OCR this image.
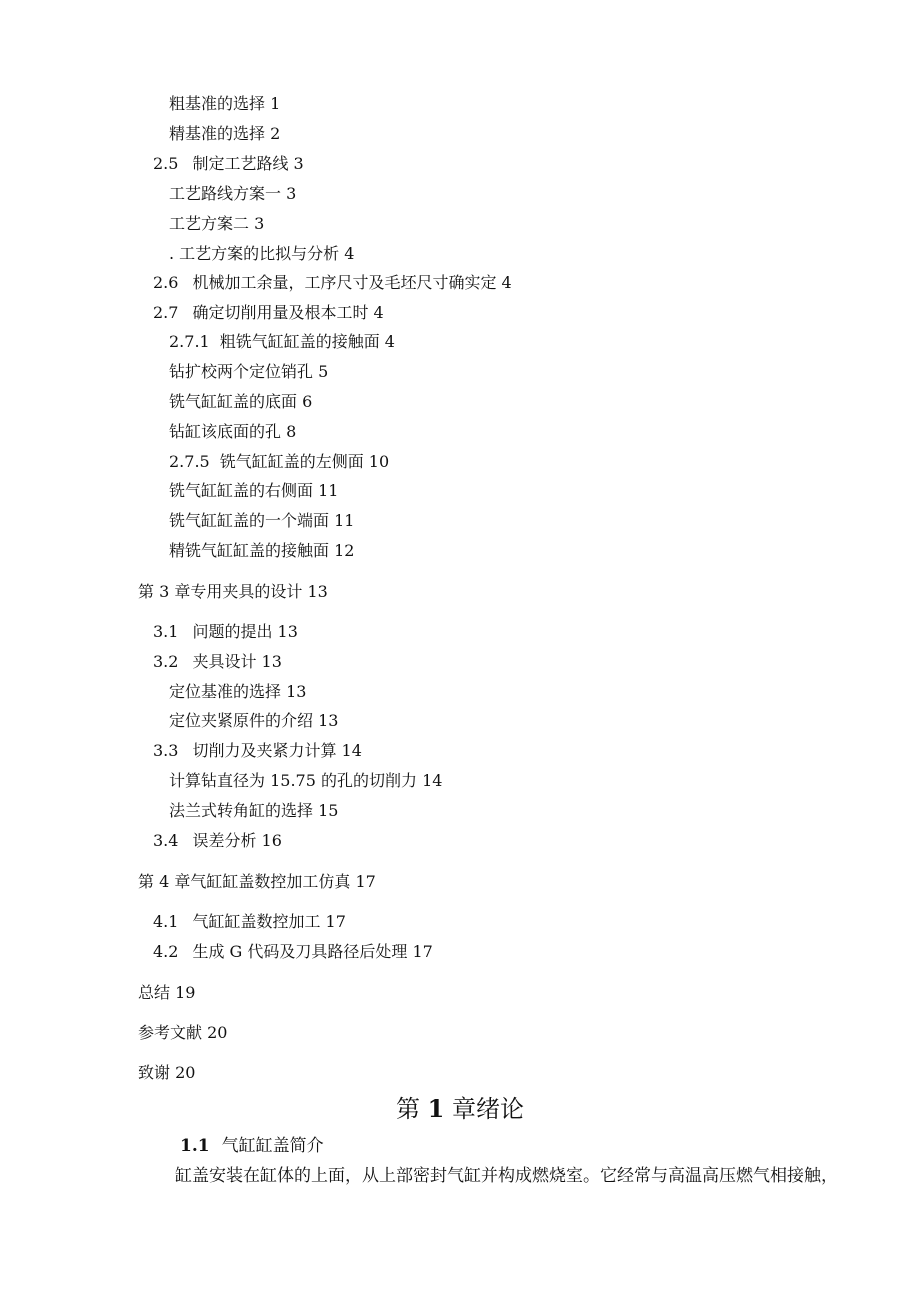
粗基准的选择 1
精基准的选择 2
2.5 制定工艺路线 3
工艺路线方案一 3
工艺方案二 3
. 工艺方案的比拟与分析 4
2.6 机械加工余量，工序尺寸及毛坯尺寸确实定 4
2.7 确定切削用量及根本工时 4
2.7.1 粗铣气缸缸盖的接触面 4
钻扩校两个定位销孔 5
铣气缸缸盖的底面 6
钻缸该底面的孔 8
2.7.5 铣气缸缸盖的左侧面 10
铣气缸缸盖的右侧面 11
铣气缸缸盖的一个端面 11
精铣气缸缸盖的接触面 12
第 3 章专用夹具的设计 13
3.1 问题的提出 13
3.2 夹具设计 13
定位基准的选择 13
定位夹紧原件的介绍 13
3.3 切削力及夹紧力计算 14
计算钻直径为 15.75 的孔的切削力 14
法兰式转角缸的选择 15
3.4 误差分析 16
第 4 章气缸缸盖数控加工仿真 17
4.1 气缸缸盖数控加工 17
4.2 生成 G 代码及刀具路径后处理 17
总结 19
参考文献 20
致谢 20
第 1 章绪论
1.1 气缸缸盖简介
缸盖安装在缸体的上面，从上部密封气缸并构成燃烧室。它经常与高温高压燃气相接触，
